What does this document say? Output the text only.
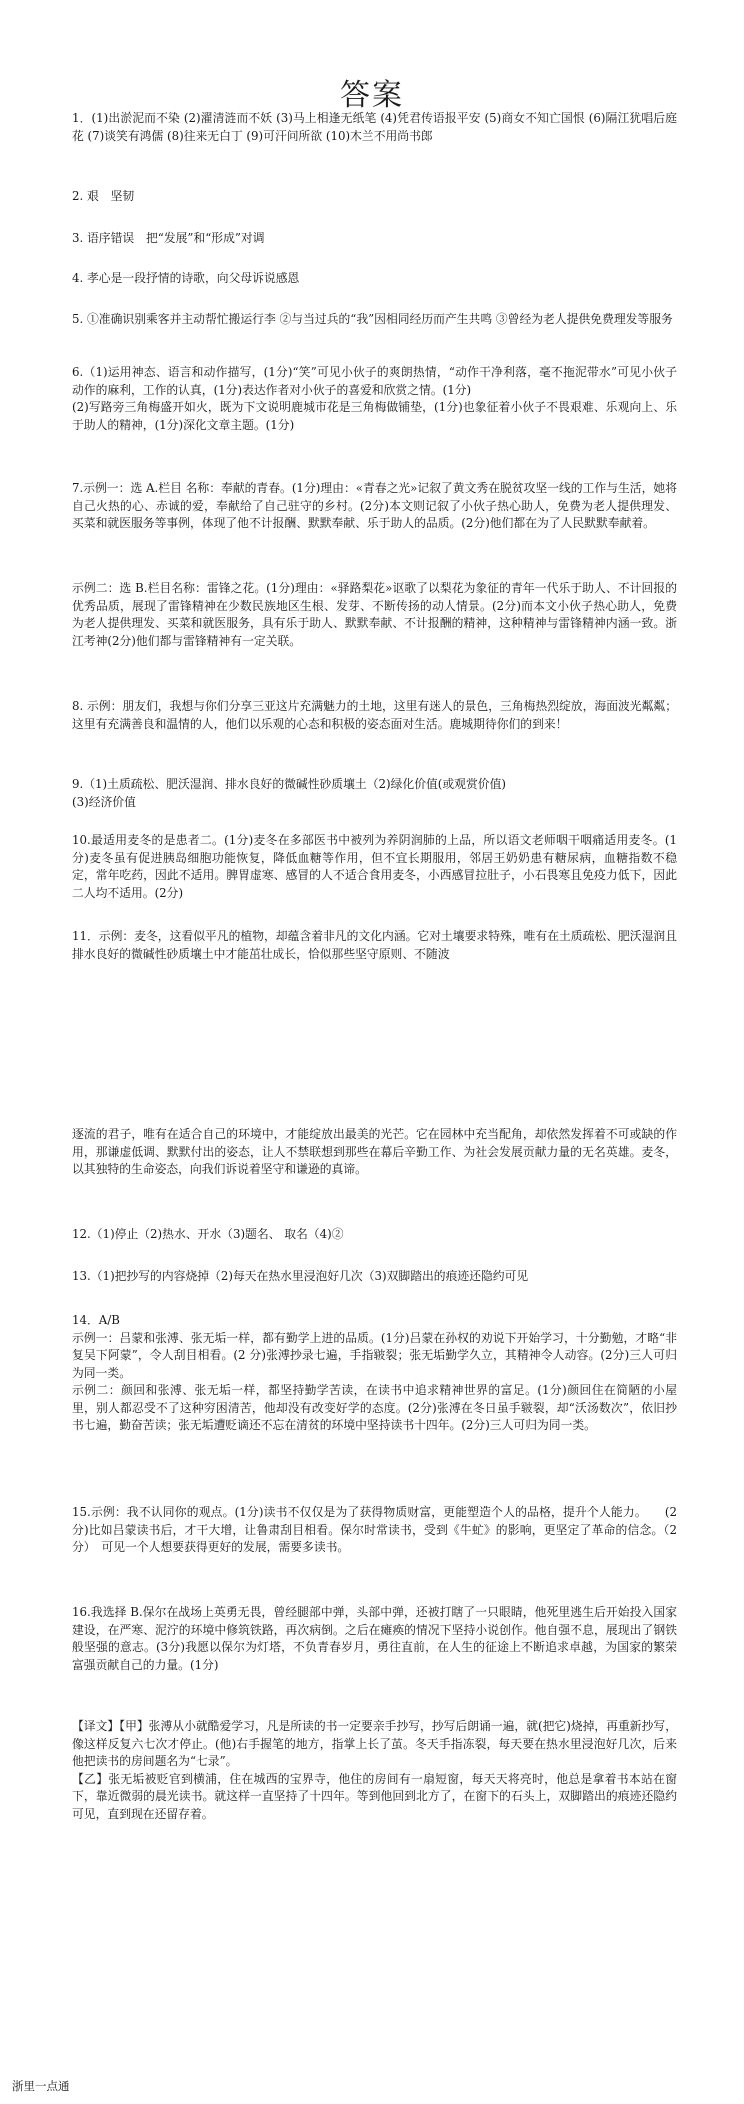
答案

1．(1)出淤泥而不染 (2)濯清涟而不妖 (3)马上相逢无纸笔 (4)凭君传语报平安 (5)商女不知亡国恨 (6)隔江犹唱后庭花 (7)谈笑有鸿儒 (8)往来无白丁 (9)可汗问所欲 (10)木兰不用尚书郎

2. 艰　坚韧

3. 语序错误　把“发展”和“形成”对调

4. 孝心是一段抒情的诗歌，向父母诉说感恩

5. ①准确识别乘客并主动帮忙搬运行李 ②与当过兵的“我”因相同经历而产生共鸣 ③曾经为老人提供免费理发等服务

6.（1)运用神态、语言和动作描写，(1分)“笑”可见小伙子的爽朗热情，“动作干净利落，毫不拖泥带水”可见小伙子动作的麻利，工作的认真，(1分)表达作者对小伙子的喜爱和欣赏之情。(1分)
(2)写路旁三角梅盛开如火，既为下文说明鹿城市花是三角梅做铺垫，(1分)也象征着小伙子不畏艰难、乐观向上、乐于助人的精神，(1分)深化文章主题。(1分)

7.示例一：选 A.栏目 名称：奉献的青春。(1分)理由：«青春之光»记叙了黄文秀在脱贫攻坚一线的工作与生活，她将自己火热的心、赤诚的爱，奉献给了自己驻守的乡村。(2分)本文则记叙了小伙子热心助人，免费为老人提供理发、买菜和就医服务等事例，体现了他不计报酬、默默奉献、乐于助人的品质。(2分)他们都在为了人民默默奉献着。

示例二：选 B.栏目名称：雷锋之花。(1分)理由：«驿路梨花»讴歌了以梨花为象征的青年一代乐于助人、不计回报的优秀品质，展现了雷锋精神在少数民族地区生根、发芽、不断传扬的动人情景。(2分)而本文小伙子热心助人，免费为老人提供理发、买菜和就医服务，具有乐于助人、默默奉献、不计报酬的精神，这种精神与雷锋精神内涵一致。浙江考神(2分)他们都与雷锋精神有一定关联。

8. 示例：朋友们，我想与你们分享三亚这片充满魅力的土地，这里有迷人的景色，三角梅热烈绽放，海面波光粼粼；这里有充满善良和温情的人，他们以乐观的心态和积极的姿态面对生活。鹿城期待你们的到来！

9.（1)土质疏松、肥沃湿润、排水良好的微碱性砂质壤土（2)绿化价值(或观赏价值)
(3)经济价值

10.最适用麦冬的是患者二。(1分)麦冬在多部医书中被列为养阴润肺的上品，所以语文老师咽干咽痛适用麦冬。(1分)麦冬虽有促进胰岛细胞功能恢复，降低血糖等作用，但不宜长期服用，邻居王奶奶患有糖尿病，血糖指数不稳定，常年吃药，因此不适用。脾胃虚寒、感冒的人不适合食用麦冬，小西感冒拉肚子，小石畏寒且免疫力低下，因此二人均不适用。(2分)

11．示例：麦冬，这看似平凡的植物，却蕴含着非凡的文化内涵。它对土壤要求特殊，唯有在土质疏松、肥沃湿润且排水良好的微碱性砂质壤土中才能茁壮成长，恰似那些坚守原则、不随波

逐流的君子，唯有在适合自己的环境中，才能绽放出最美的光芒。它在园林中充当配角，却依然发挥着不可或缺的作用，那谦虚低调、默默付出的姿态，让人不禁联想到那些在幕后辛勤工作、为社会发展贡献力量的无名英雄。麦冬，以其独特的生命姿态，向我们诉说着坚守和谦逊的真谛。

12.（1)停止（2)热水、开水（3)题名、 取名（4)②

13.（1)把抄写的内容烧掉（2)每天在热水里浸泡好几次（3)双脚踏出的痕迹还隐约可见

14．A/B
示例一：吕蒙和张溥、张无垢一样，都有勤学上进的品质。(1分)吕蒙在孙权的劝说下开始学习，十分勤勉，才略“非复吴下阿蒙”，令人刮目相看。(2 分)张溥抄录七遍，手指皲裂；张无垢勤学久立，其精神令人动容。(2分)三人可归为同一类。
示例二：颜回和张溥、张无垢一样，都坚持勤学苦读，在读书中追求精神世界的富足。(1分)颜回住在简陋的小屋里，别人都忍受不了这种穷困清苦，他却没有改变好学的态度。(2分)张溥在冬日虽手皲裂，却“沃汤数次”，依旧抄书七遍，勤奋苦读；张无垢遭贬谪还不忘在清贫的环境中坚持读书十四年。(2分)三人可归为同一类。

15.示例：我不认同你的观点。(1分)读书不仅仅是为了获得物质财富，更能塑造个人的品格，提升个人能力。　　(2分)比如吕蒙读书后，才干大增，让鲁肃刮目相看。保尔时常读书，受到《牛虻》的影响，更坚定了革命的信念。（2分）　可见一个人想要获得更好的发展，需要多读书。

16.我选择 B.保尔在战场上英勇无畏，曾经腿部中弹，头部中弹，还被打瞎了一只眼睛，他死里逃生后开始投入国家建设，在严寒、泥泞的环境中修筑铁路，再次病倒。之后在瘫痪的情况下坚持小说创作。他自强不息，展现出了钢铁般坚强的意志。(3分)我愿以保尔为灯塔，不负青春岁月，勇往直前，在人生的征途上不断追求卓越，为国家的繁荣富强贡献自己的力量。(1分)

【译文】【甲】张溥从小就酷爱学习，凡是所读的书一定要亲手抄写，抄写后朗诵一遍，就(把它)烧掉，再重新抄写，像这样反复六七次才停止。(他)右手握笔的地方，指掌上长了茧。冬天手指冻裂，每天要在热水里浸泡好几次，后来他把读书的房间题名为“七录”。
【乙】张无垢被贬官到横浦，住在城西的宝界寺，他住的房间有一扇短窗，每天天将亮时，他总是拿着书本站在窗下，靠近微弱的晨光读书。就这样一直坚持了十四年。等到他回到北方了，在窗下的石头上，双脚踏出的痕迹还隐约可见，直到现在还留存着。

浙里一点通
